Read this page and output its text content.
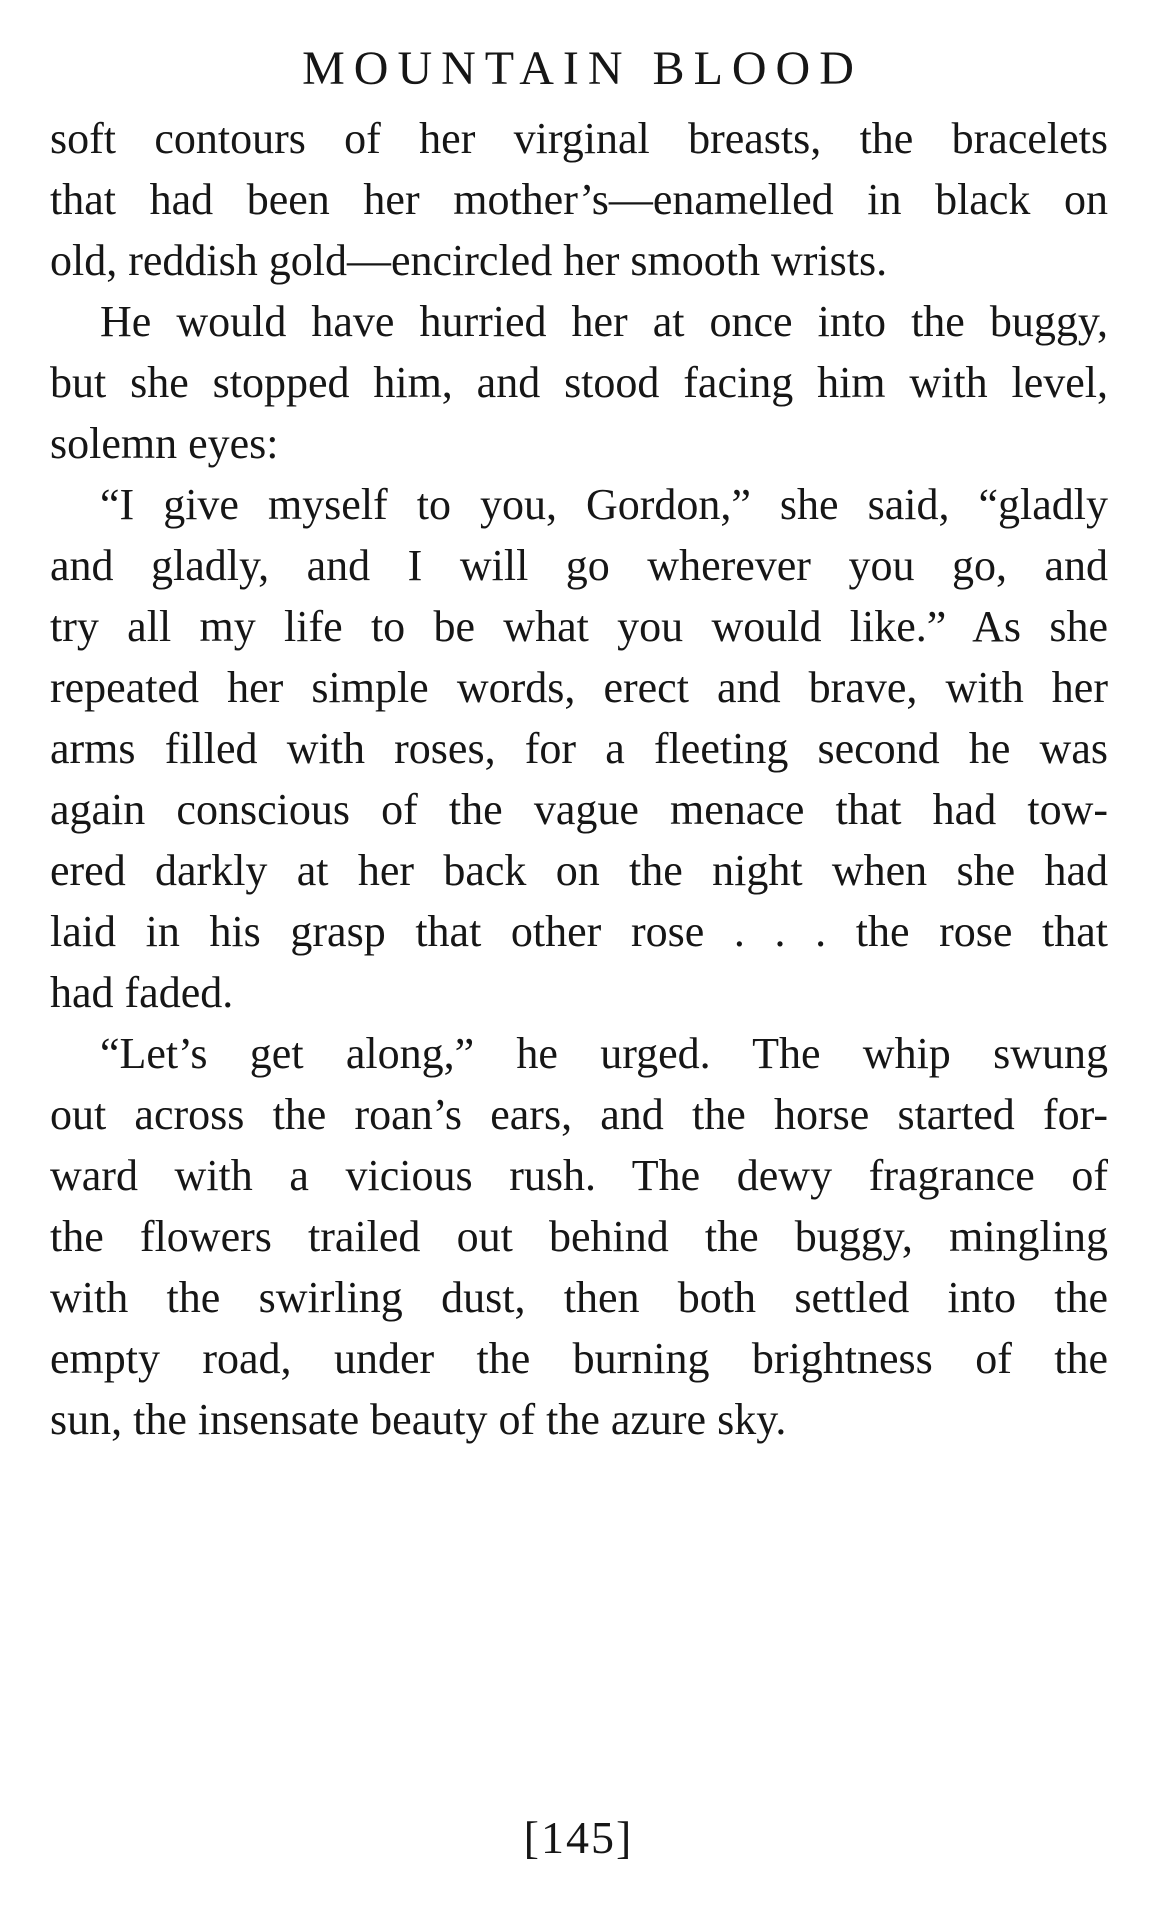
MOUNTAIN BLOOD
soft contours of her virginal breasts, the bracelets
that had been her mother’s—enamelled in black on
old, reddish gold—encircled her smooth wrists.
He would have hurried her at once into the buggy,
but she stopped him, and stood facing him with level,
solemn eyes:
“I give myself to you, Gordon,” she said, “gladly
and gladly, and I will go wherever you go, and
try all my life to be what you would like.” As she
repeated her simple words, erect and brave, with her
arms filled with roses, for a fleeting second he was
again conscious of the vague menace that had tow-
ered darkly at her back on the night when she had
laid in his grasp that other rose . . . the rose that
had faded.
“Let’s get along,” he urged. The whip swung
out across the roan’s ears, and the horse started for-
ward with a vicious rush. The dewy fragrance of
the flowers trailed out behind the buggy, mingling
with the swirling dust, then both settled into the
empty road, under the burning brightness of the
sun, the insensate beauty of the azure sky.
[145]
